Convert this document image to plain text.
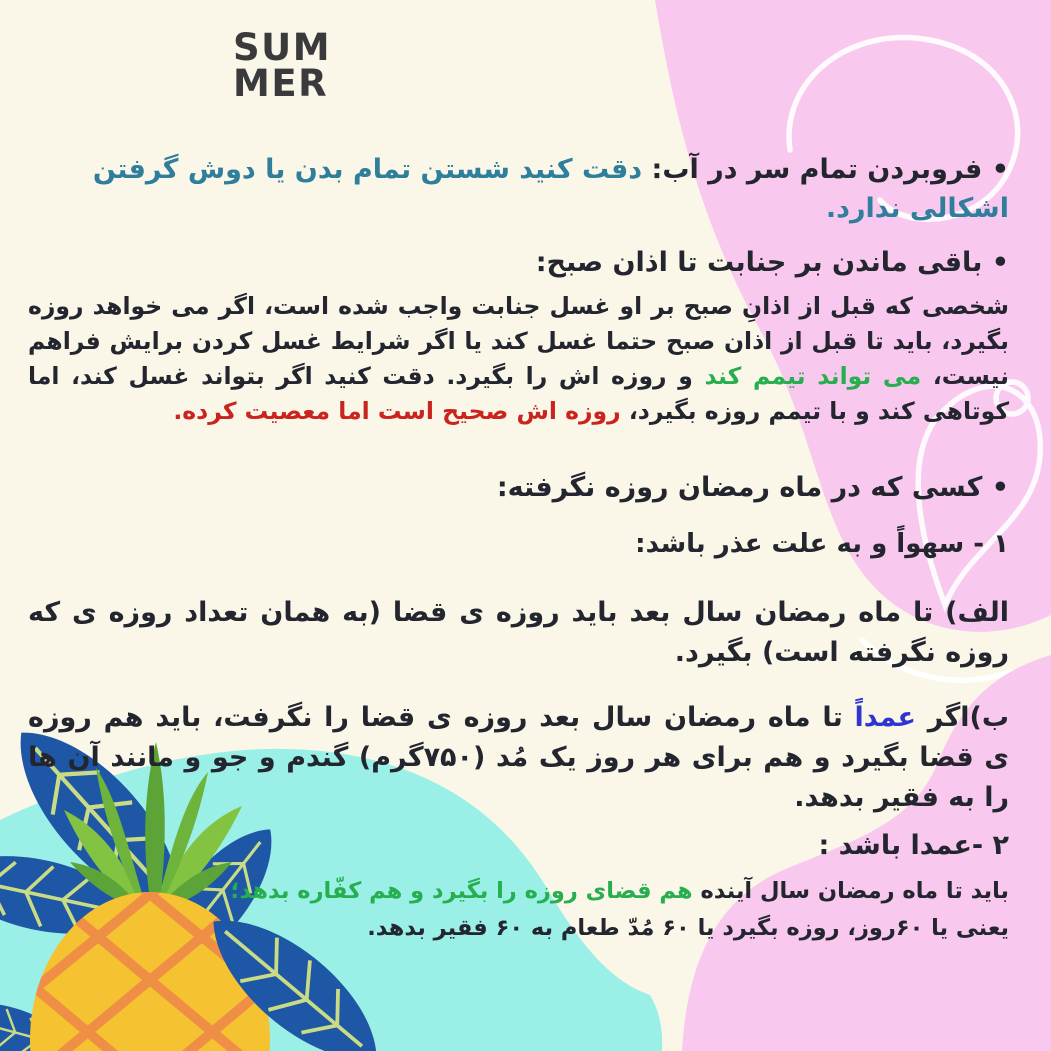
SUM
MER
• فروبردن تمام سر در آب: دقت کنید شستن تمام بدن یا دوش گرفتن اشکالی ندارد.
• باقی ماندن بر جنابت تا اذان صبح:
شخصی که قبل از اذانِ صبح بر او غسل جنابت واجب شده است، اگر می خواهد روزه بگیرد، باید تا قبل از اذان صبح حتما غسل کند یا اگر شرایط غسل کردن برایش فراهم نیست، می تواند تیمم کند و روزه اش را بگیرد. دقت کنید اگر بتواند غسل کند، اما کوتاهی کند و با تیمم روزه بگیرد، روزه اش صحیح است اما معصیت کرده.
• کسی که در ماه رمضان روزه نگرفته:
۱ - سهواً و به علت عذر باشد:
الف) تا ماه رمضان سال بعد باید روزه ی قضا (به همان تعداد روزه ی که روزه نگرفته است) بگیرد.
ب)اگر عمداً تا ماه رمضان سال بعد روزه ی قضا را نگرفت، باید هم روزه ی قضا بگیرد و هم برای هر روز یک مُد (۷۵۰گرم) گندم و جو و مانند آن ها را به فقیر بدهد.
۲ -عمدا باشد :
باید تا ماه رمضان سال آینده هم قضای روزه را بگیرد و هم کفّاره بدهد؛
یعنی یا ۶۰روز، روزه بگیرد یا ۶۰ مُدّ طعام به ۶۰ فقیر بدهد.
